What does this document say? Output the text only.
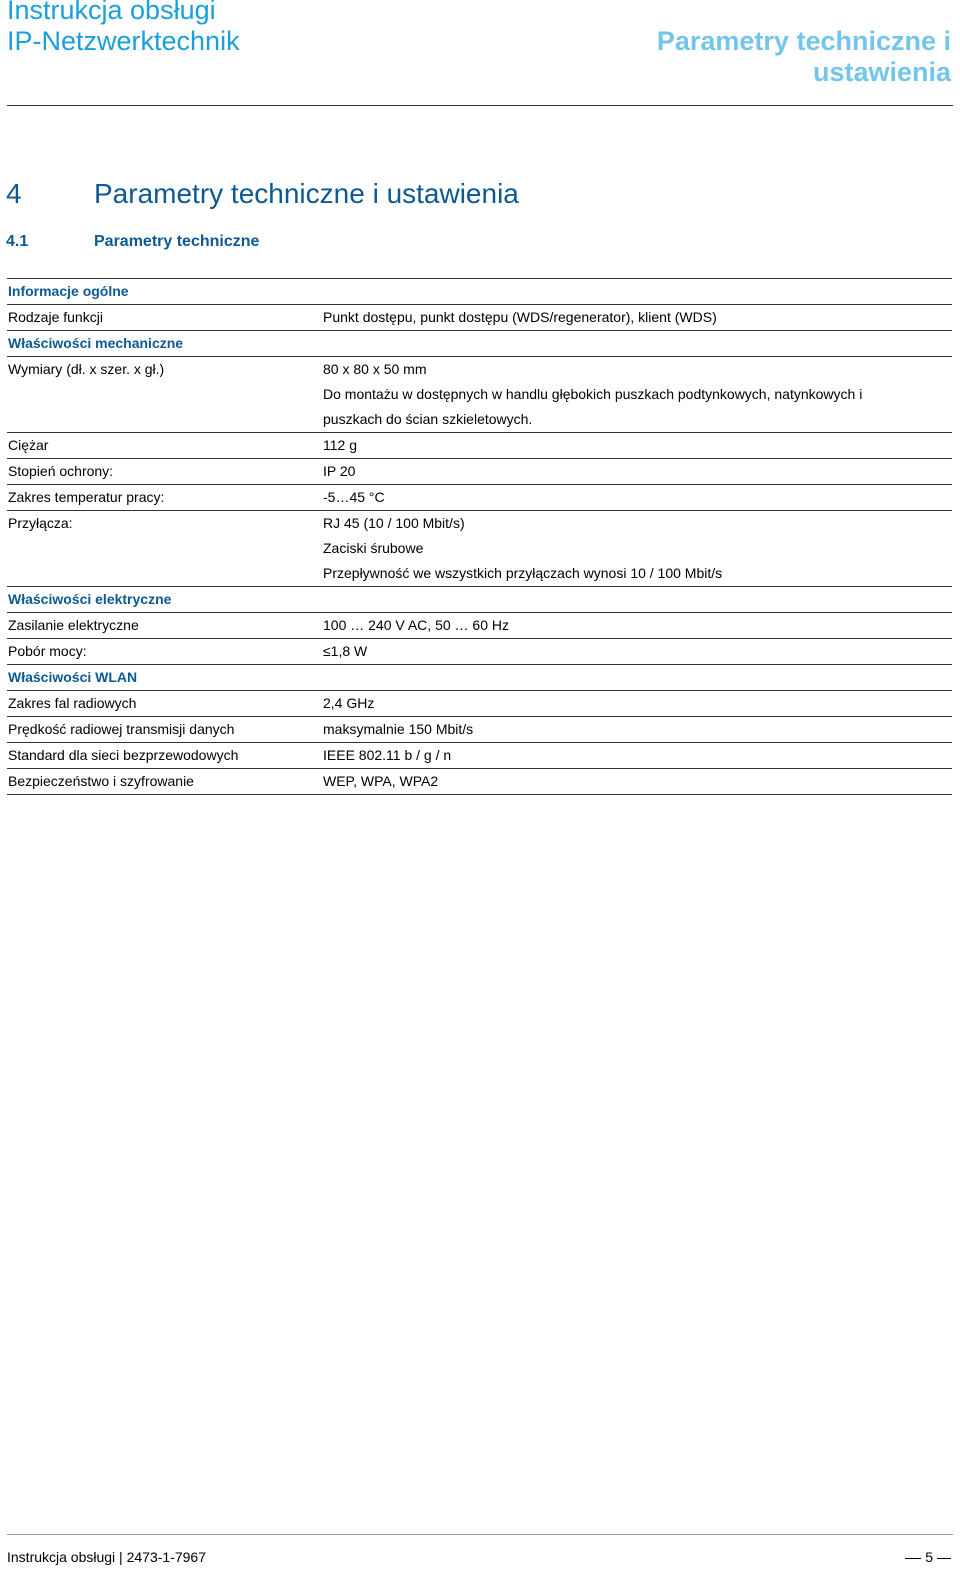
Instrukcja obsługi
IP-Netzwerktechnik	Parametry techniczne i
ustawienia
4	Parametry techniczne i ustawienia
4.1	Parametry techniczne
Informacje ogólne
Rodzaje funkcji	Punkt dostępu, punkt dostępu (WDS/regenerator), klient (WDS)
Właściwości mechaniczne
Wymiary (dł. x szer. x gł.)	80 x 80 x 50 mm
Do montażu w dostępnych w handlu głębokich puszkach podtynkowych, natynkowych i
puszkach do ścian szkieletowych.
Ciężar	112 g
Stopień ochrony:	IP 20
Zakres temperatur pracy:	-5…45 °C
Przyłącza:	RJ 45 (10 / 100 Mbit/s)
Zaciski śrubowe
Przepływność we wszystkich przyłączach wynosi 10 / 100 Mbit/s
Właściwości elektryczne
Zasilanie elektryczne	100 … 240 V AC, 50 … 60 Hz
Pobór mocy:	≤1,8 W
Właściwości WLAN
Zakres fal radiowych	2,4 GHz
Prędkość radiowej transmisji danych	maksymalnie 150 Mbit/s
Standard dla sieci bezprzewodowych	IEEE 802.11 b / g / n
Bezpieczeństwo i szyfrowanie	WEP, WPA, WPA2
Instrukcja obsługi | 2473-1-7967	5
